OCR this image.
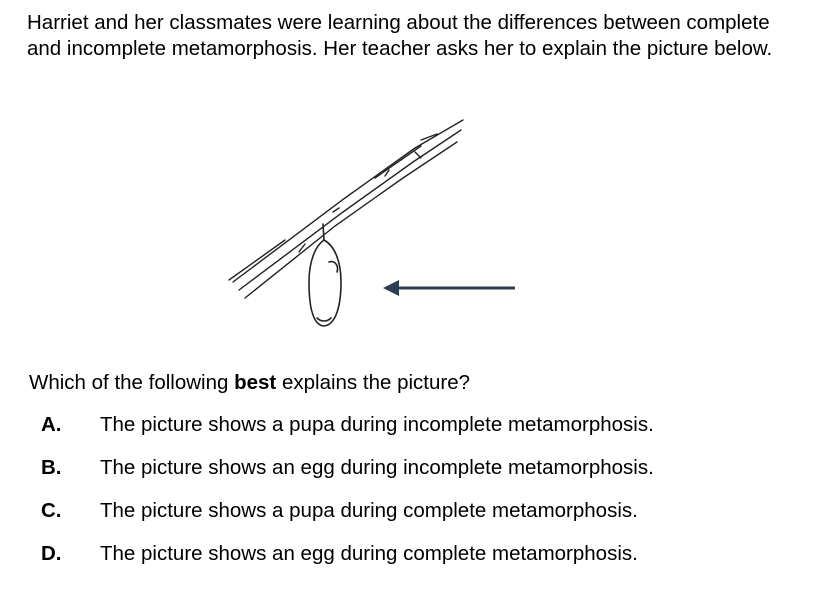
Harriet and her classmates were learning about the differences between complete and incomplete metamorphosis. Her teacher asks her to explain the picture below.

Which of the following best explains the picture?

A.	The picture shows a pupa during incomplete metamorphosis.
B.	The picture shows an egg during incomplete metamorphosis.
C.	The picture shows a pupa during complete metamorphosis.
D.	The picture shows an egg during complete metamorphosis.
